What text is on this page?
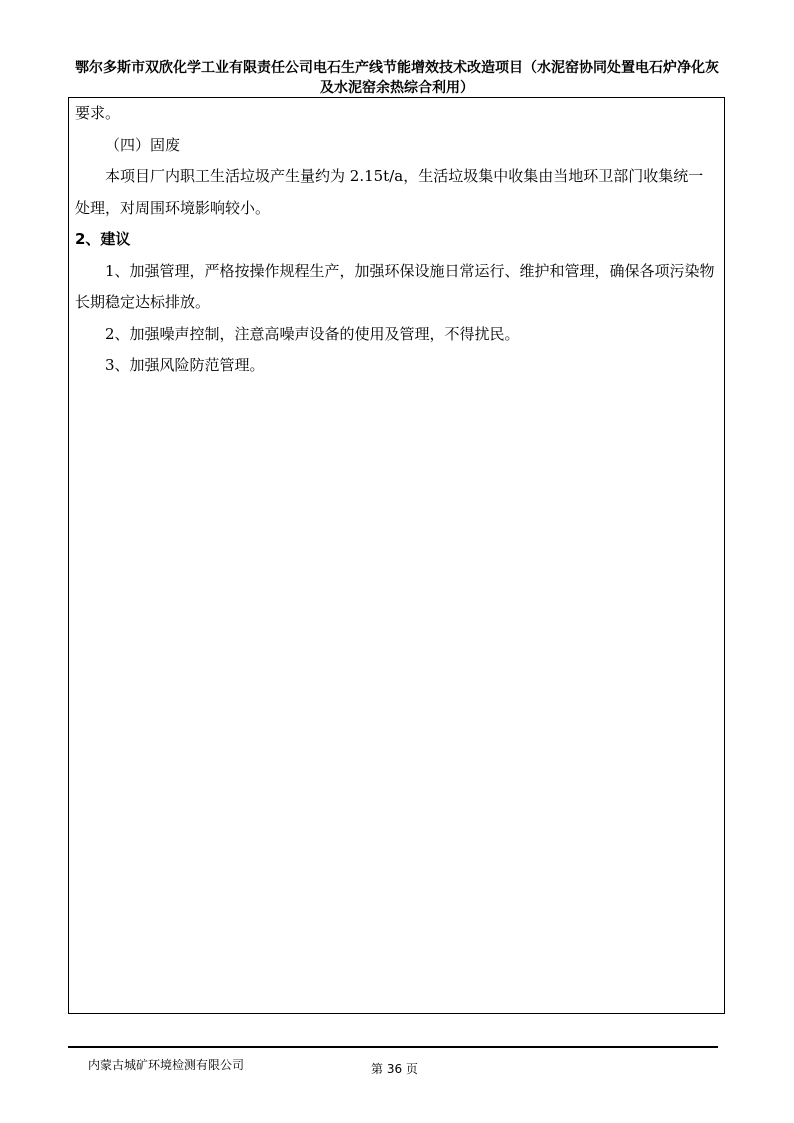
鄂尔多斯市双欣化学工业有限责任公司电石生产线节能增效技术改造项目（水泥窑协同处置电石炉净化灰
及水泥窑余热综合利用）

要求。

（四）固废

本项目厂内职工生活垃圾产生量约为 2.15t/a，生活垃圾集中收集由当地环卫部门收集统一处理，对周围环境影响较小。

2、建议

1、加强管理，严格按操作规程生产，加强环保设施日常运行、维护和管理，确保各项污染物长期稳定达标排放。

2、加强噪声控制，注意高噪声设备的使用及管理，不得扰民。

3、加强风险防范管理。

内蒙古城矿环境检测有限公司	第 36 页
